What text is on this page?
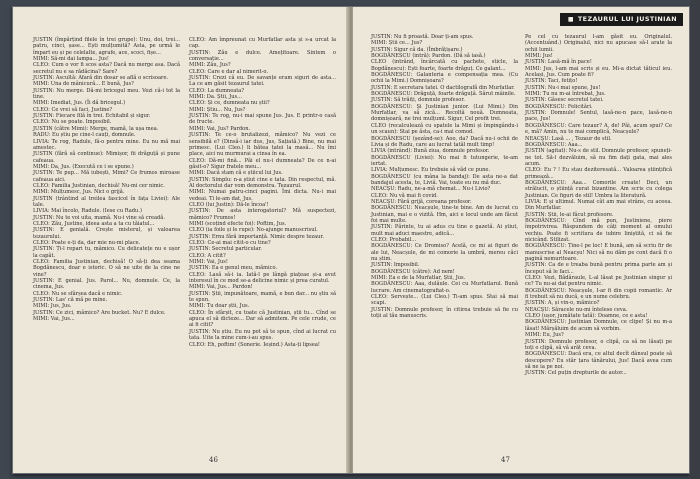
JUSTIN (împărțind filele în trei grupe): Unu, doi, trei... patru, cinci, șase... Ești mulțumită? Asta, pe urmă le împart eu și pe celelalte, agrafe, ace, scoci, fișe...

MIMI: Să-mi dai lampa... Jus!

CLEO: Cum o vor fi scos asta? Dacă nu merge asa. Dacă secretul nu e sa rădăcina? Sare?

JUSTIN: Ascultă: Afară din dosar se află o scrisoare.

MIMI: Una de mânicură... E bună, Jus?

JUSTIN: Nu merge. Dă-mi bricegul meu. Vezi că-i tot la tine.

MIMI: Imediat, Jus. (Îi dă bricegul.)

CLEO: Ce vrei să faci, Justine?

JUSTIN: Fiecare filă în trei. Echitabil și sigur.

CLEO: Nu se poate. Imposibil.

JUSTIN (către Mimi): Merge, mamă, la ușa mea.

RADU: Eu știu pe cine-l cauți, domnule.

LIVIA: Te rog, Radule, fă-o pentru mine. Eu nu mă mai amestec.

JUSTIN (fără să continue): Mimișor, fii drăguță și pune cafeaua.

MIMI: Da, Jus. (Execută ce i se spune.)

JUSTIN: Te pup... Mă iubești, Mimi? Ce frumos miroase cafeaua aici.

CLEO: Familia Justinian, dechisă! Nu-mi cer nimic.

MIMI: Mulțumesc, Jus. Nici o grijă.

JUSTIN (trântind al treilea fascicol în fața Liviei): Ale tale.

LIVIA: Mai încolo, Radule. (Iese cu Radu.)

JUSTIN: Nu te voi uita, mamă. Nu-i vine să creadă.

CLEO: Zău, Justine, ideea asta a ta cu tăiatul...

JUSTIN: E genială. Crește misterul, și valoarea tezaurului.

CLEO: Poate e-ți da, dar mie nu-mi place.

JUSTIN: Ți-l repari tu, mămico. Cu delicatețe nu e ușor la capăt.

CLEO: Familia Justinian, dechisă! O să-ți dea seama Bogdănescu, doar e istoric. O să ne uite de la cine ne vine?

JUSTIN: E genial. Jus. Parol... Nu, domnule. Ce, la cinema, Jus.

CLEO: Nu se sfârșea dacă e nimic.

JUSTIN: Las' că mă pe mine.

MIMI: Jus, Jus.

JUSTIN: Ce zici, mămico? Are bucket. Nu? E dulce.

MIMI: Vai, Jus...

CLEO: Am împreunat cu Murfatlar asta și s-a urcat la cap.

JUSTIN: Zău e dulce. Amețitoare. Sintem o conversație...

MIMI: Zău, Jus?

CLEO: Care e dar al nimerit-o.

JUSTIN: Crezi că eu. De savanțe eram siguri de asta... La ce am găsit tezaurul tatei.

CLEO: La dumneata?

MIMI: Da. Știi, Jus...

CLEO: Și ce, dumneata nu știi?

MIMI: Știu... Nu, Jus?

JUSTIN: Te rog, nu-i mai spune Jus. Jus. E printr-o casă de fructe.

MIMI: Vai, Jus? Pardon.

JUSTIN: Te ce-o brutalizezi, mămico? Nu vezi ce sensibilă e? (Dinsă-i iar dus, Jus, Sațiată.) Bine, nu mai primesc. (Lui Cleo.) Ii bătea tatei la masă... Nu îmi place, aici nu murmurai a cinsa în ea.

CLEO: Dă-mi fină... Păi el nu-i dumneata? De ce n-ai găsit-o? Sigur fratele meu...

MIMI: Dacă stam că e știicul lui Jus.

JUSTIN: Simplu: n-a știut cine e tata. Din respectul, mă. Al doctorului dar vom demonstra. Tezaurul.

MIMI: Numai patru-cinci pagini. Îmi dicta. Nu-i mai vedeai. Ti le-am dat, Jus.

CLEO (lui Justin): Dă-le încoa'!

JUSTIN: De asta interogatoriul? Mă suspectezi, mămico? Frumos!

MIMI (scoțind efecte foi): Poftim, Jus.

CLEO (ia foile și le rupe): No-ajunge manuscrisul.

JUSTIN: Ernu fără importanță. Nimic despre tezaur.

CLEO: Ce-ai mai citit-o cu tine?

JUSTIN: Secretul particular.

CLEO: A citit?

MIMI: Vai, Jus!

JUSTIN: Ea e genul meu, mămico.

CLEO: Lasă să-i ia. Iată-l pe lângă piațeae și-a avut interesul în ce mod se-a delicine nimic și prea curatul.

MIMI: Vai, Jus... Pardon!

JUSTIN: Știi, impunătoare, mamă, e bun dar... nu știu să te spun.

MIMI: Tu doar știi, Jus.

CLEO: În sfârșit, cu toate că Justinian, știi tu... Cînd se apuca el să dicteze... Dar să admitem. Pe cele crude, ce ai fi citit?

JUSTIN: Nu știu. Eu nu pot să te spun, cînd ai lucrat cu tata. Uite la mine cum-i-au spus.

CLEO: Eh, poftim! (Sonerie. Ieșind.) Asta-ți lipsea!

46
■ TEZAURUL LUI JUSTINIAN

JUSTIN: Nu fi proastă. Doar ți-am spus.

MIMI: Știi ce... Jus?

JUSTIN: Sigur că da. (Îmbrățișare.)

BOGDĂNESCU (intră): Pardon. (Dă să iasă.)

CLEO (intrând, încărcată cu pachete, sticle, la Bogdănescu): Ești foarte, foarte drăguț. Ce galant...

BOGDĂNESCU: Galanteria e compensația mea. (Cu ochii la Mimi.) Domnișoara?

JUSTIN: E secretara tatei. O dactilografă din Murfatlar.

BOGDĂNESCU: Drăguță, foarte drăguță. Sărut mâinile.

JUSTIN: Să trăiți, domnule profesor.

BOGDĂNESCU: Și Justinian junior. (Lui Mimi.) Din Murfatlar, va să zică... Recoltă nouă. Dumneata, domnișoară, ne trei mulțumi. Sigur, Cel profit trei.

CLEO (recalculează cu spatele la Mimi și împingându-i un scaun): Stai pe ăsta, ca-i mai comod.

BOGDĂNESCU (șezând-se): Aoo, da? Dacă nu-i ochii de Livia și de Radu, care au lucrat tatăl mult timp!

LIVIA (intrând): Bună ziua, domnule profesor.

BOGDĂNESCU (Liviei): Nu mai fi tutungerie, te-am iertat.

LIVIA: Mulțumesc. Eu trebuie să văd ce pune.

BOGDĂNESCU (cu mâna la bandaj): De asta ne-a dat bandajul acesta, te, Liviă. Vai, toate eu nu mă duc.

NEACȘU: Radu, ne-a-mă chemat... Nu-i Livio?

CLEO: Nu vă mai fi covid.

NEACȘU: Fără grijă, coroana profesor.

BOGDĂNESCU: Neacșule, tine-te bine. Am de lucrat cu Justinian, mai e o vizită. Hm, aici e locul unde am făcut foi mai multe.

JUSTIN: Părinte, tu ai adus cu tine o gazetă. Ai știut, mult mai aduci maestre, adică...

CLEO: Probabil...

BOGDĂNESCU: Ce Dromiso? Acelă, ce mi ai figuri de ale lui, Neacșule, de mi comorie la umbră, mereu căci nu știm.

JUSTIN: Imposibil.

BOGDĂNESCU (către): Ad nem!

MIMI: Ea e de la Murfatlar, Știi, Jus.

BOGDĂNESCU: Aaa, dulăule. Cei cu Murfatlarul. Bună lucrare. Am cinematografiat-o.

CLEO: Servește... (Lui Cleo.) Ti-am spus. Stai să mai scapi.

JUSTIN: Domnule profesor, în citirea trebuie să fie cu toții al tău manuscris.

Pe cel cu tezaurul l-am găsit eu. Originalul. (Accentuând.) Originalul, nici nu apucase să-l arate la ochii lumii.

MIMI: Jus!

JUSTIN: Lasă-mă în pace!

MIMI: Jus, l-am mai scris și eu. Mi-a dictat tăticul ieu. Același, Jus. Cum poate fi?

JUSTIN: Taci, fetițo!

JUSTIN: Nu-i mai spune, Jus!

MIMI: Tu nu m-ai întrebat, Jus.

JUSTIN: Găsesc secretul tatei.

BOGDĂNESCU: Felicitări.

JUSTIN: Domnule! Sentul, lasă-ne-n pace, lasă-ne-n pace, Jus!

BOGDĂNESCU: Care tezaur? A, de! Păi, acum spui? Ce e, mă? Amin, nu te mai complică, Neacșule?

NEACȘU: Lasă ... , Tezaur de stil.

BOGDĂNESCU: Aaa...

JUSTIN (agitat): Nu-s de stil. Domnule profesor, spuneți-ne tot. Să-l dezvăluim, să nu fim dați gata, mai ales acum.

CLEO: Eu ? ! Eu stau deziteresată... Valoarea științifică primează...

BOGDĂNESCU: Aaa... Comorile create! Deci, un strălucit, o știință curat bizantine. Am scris cu colega Justinian. Ce figuri de stil! Umbra la literatură.

LIVIA: E și ultimul. Numai cât am mai strâns, cu aceea. Din Murfatlar.

JUSTIN: Știi, le-ai făcut profesore.

BOGDĂNESCU: Cînd mă pun, Justiniene, piere împotrivirea. Răspundem de câți moment al omului vechiu. Poate fi scriitura de iubire liniștită, ci să fie nicicând. Stilizat.

BOGDĂNESCU: Ține-l pe loc! E bună, am să scriu fir de manuscrise al Neacșu! Nici să nu dăm pe cont dacă fi o pagină nemuritoare.

JUSTIN: Ca de e treaba bună pentru prima parte am și început să le faci...

CLEO: Vezi, Bădăraule, L-al lăsat pe Justinian singur și ce? Tu nu-ai dat pentru nimic.

BOGDĂNESCU: Neacșule, I-ar fi din copii romantic. Ar fi trebuit să nu ducă, e un nume celebru.

JUSTIN: A, și vin-o, mămico?

NEACȘU: Săracele nu-mi întelese ceva.

CLEO (ușor, jumătate tată): Doamne, ce e asta!

BOGDĂNESCU: Justinian Domnule, ce clipe! Și nu m-a lăsat! Mărșăluim de acum să vorbim.

MIMI: Eu, Jus?

JUSTIN: Domnule profesor, o clipă, ca să ne lăsați pe toți o clipă, să vă arăt ceva.

BOGDĂNESCU: Dacă era, ce altul decît dânsul poate să descopere? Eu stăr țara tânărului, Jus! Dacă avea cum să ne ia pe noi.

JUSTIN: Cel puțin drepturile de autor...

47
